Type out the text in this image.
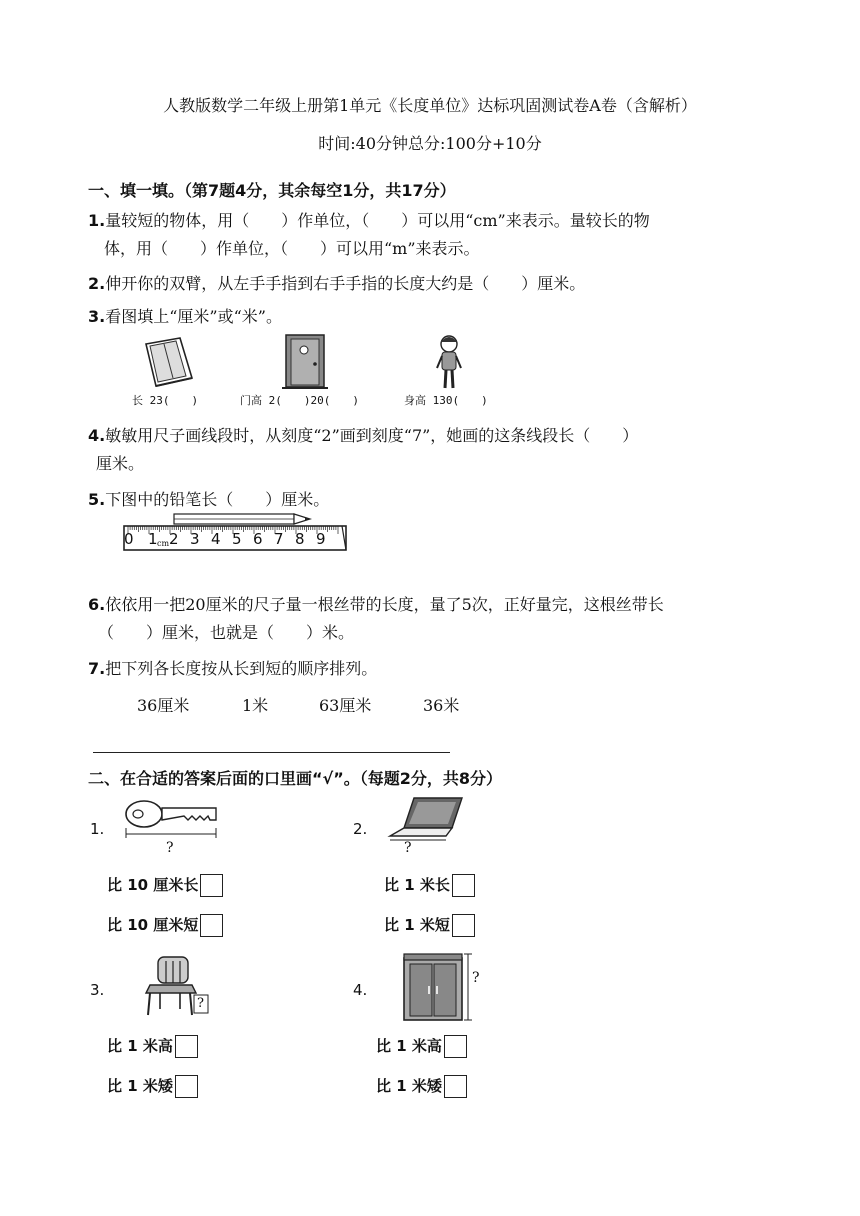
人教版数学二年级上册第1单元《长度单位》达标巩固测试卷A卷（含解析）
时间:40分钟总分:100分+10分
一、填一填。（第7题4分，其余每空1分，共17分）
1.量较短的物体，用（　　）作单位，（　　）可以用“cm”来表示。量较长的物
体，用（　　）作单位，（　　）可以用“m”来表示。
2.伸开你的双臂，从左手手指到右手手指的长度大约是（　　）厘米。
3.看图填上“厘米”或“米”。
长 23(　　)	门高 2(　　)20(　　)	身高 130(　　)
4.敏敏用尺子画线段时，从刻度“2”画到刻度“7”，她画的这条线段长（　　）
厘米。
5.下图中的铅笔长（　　）厘米。
0 1 cm 2 3 4 5 6 7 8 9
6.依依用一把20厘米的尺子量一根丝带的长度，量了5次，正好量完，这根丝带长
（　　）厘米，也就是（　　）米。
7.把下列各长度按从长到短的顺序排列。
36厘米	1米	63厘米	36米
二、在合适的答案后面的口里画“√”。（每题2分，共8分）
1.
?
比 10 厘米长
比 10 厘米短
2.
?
比 1 米长
比 1 米短
3.
?
比 1 米高
比 1 米矮
4.
?
比 1 米高
比 1 米矮
